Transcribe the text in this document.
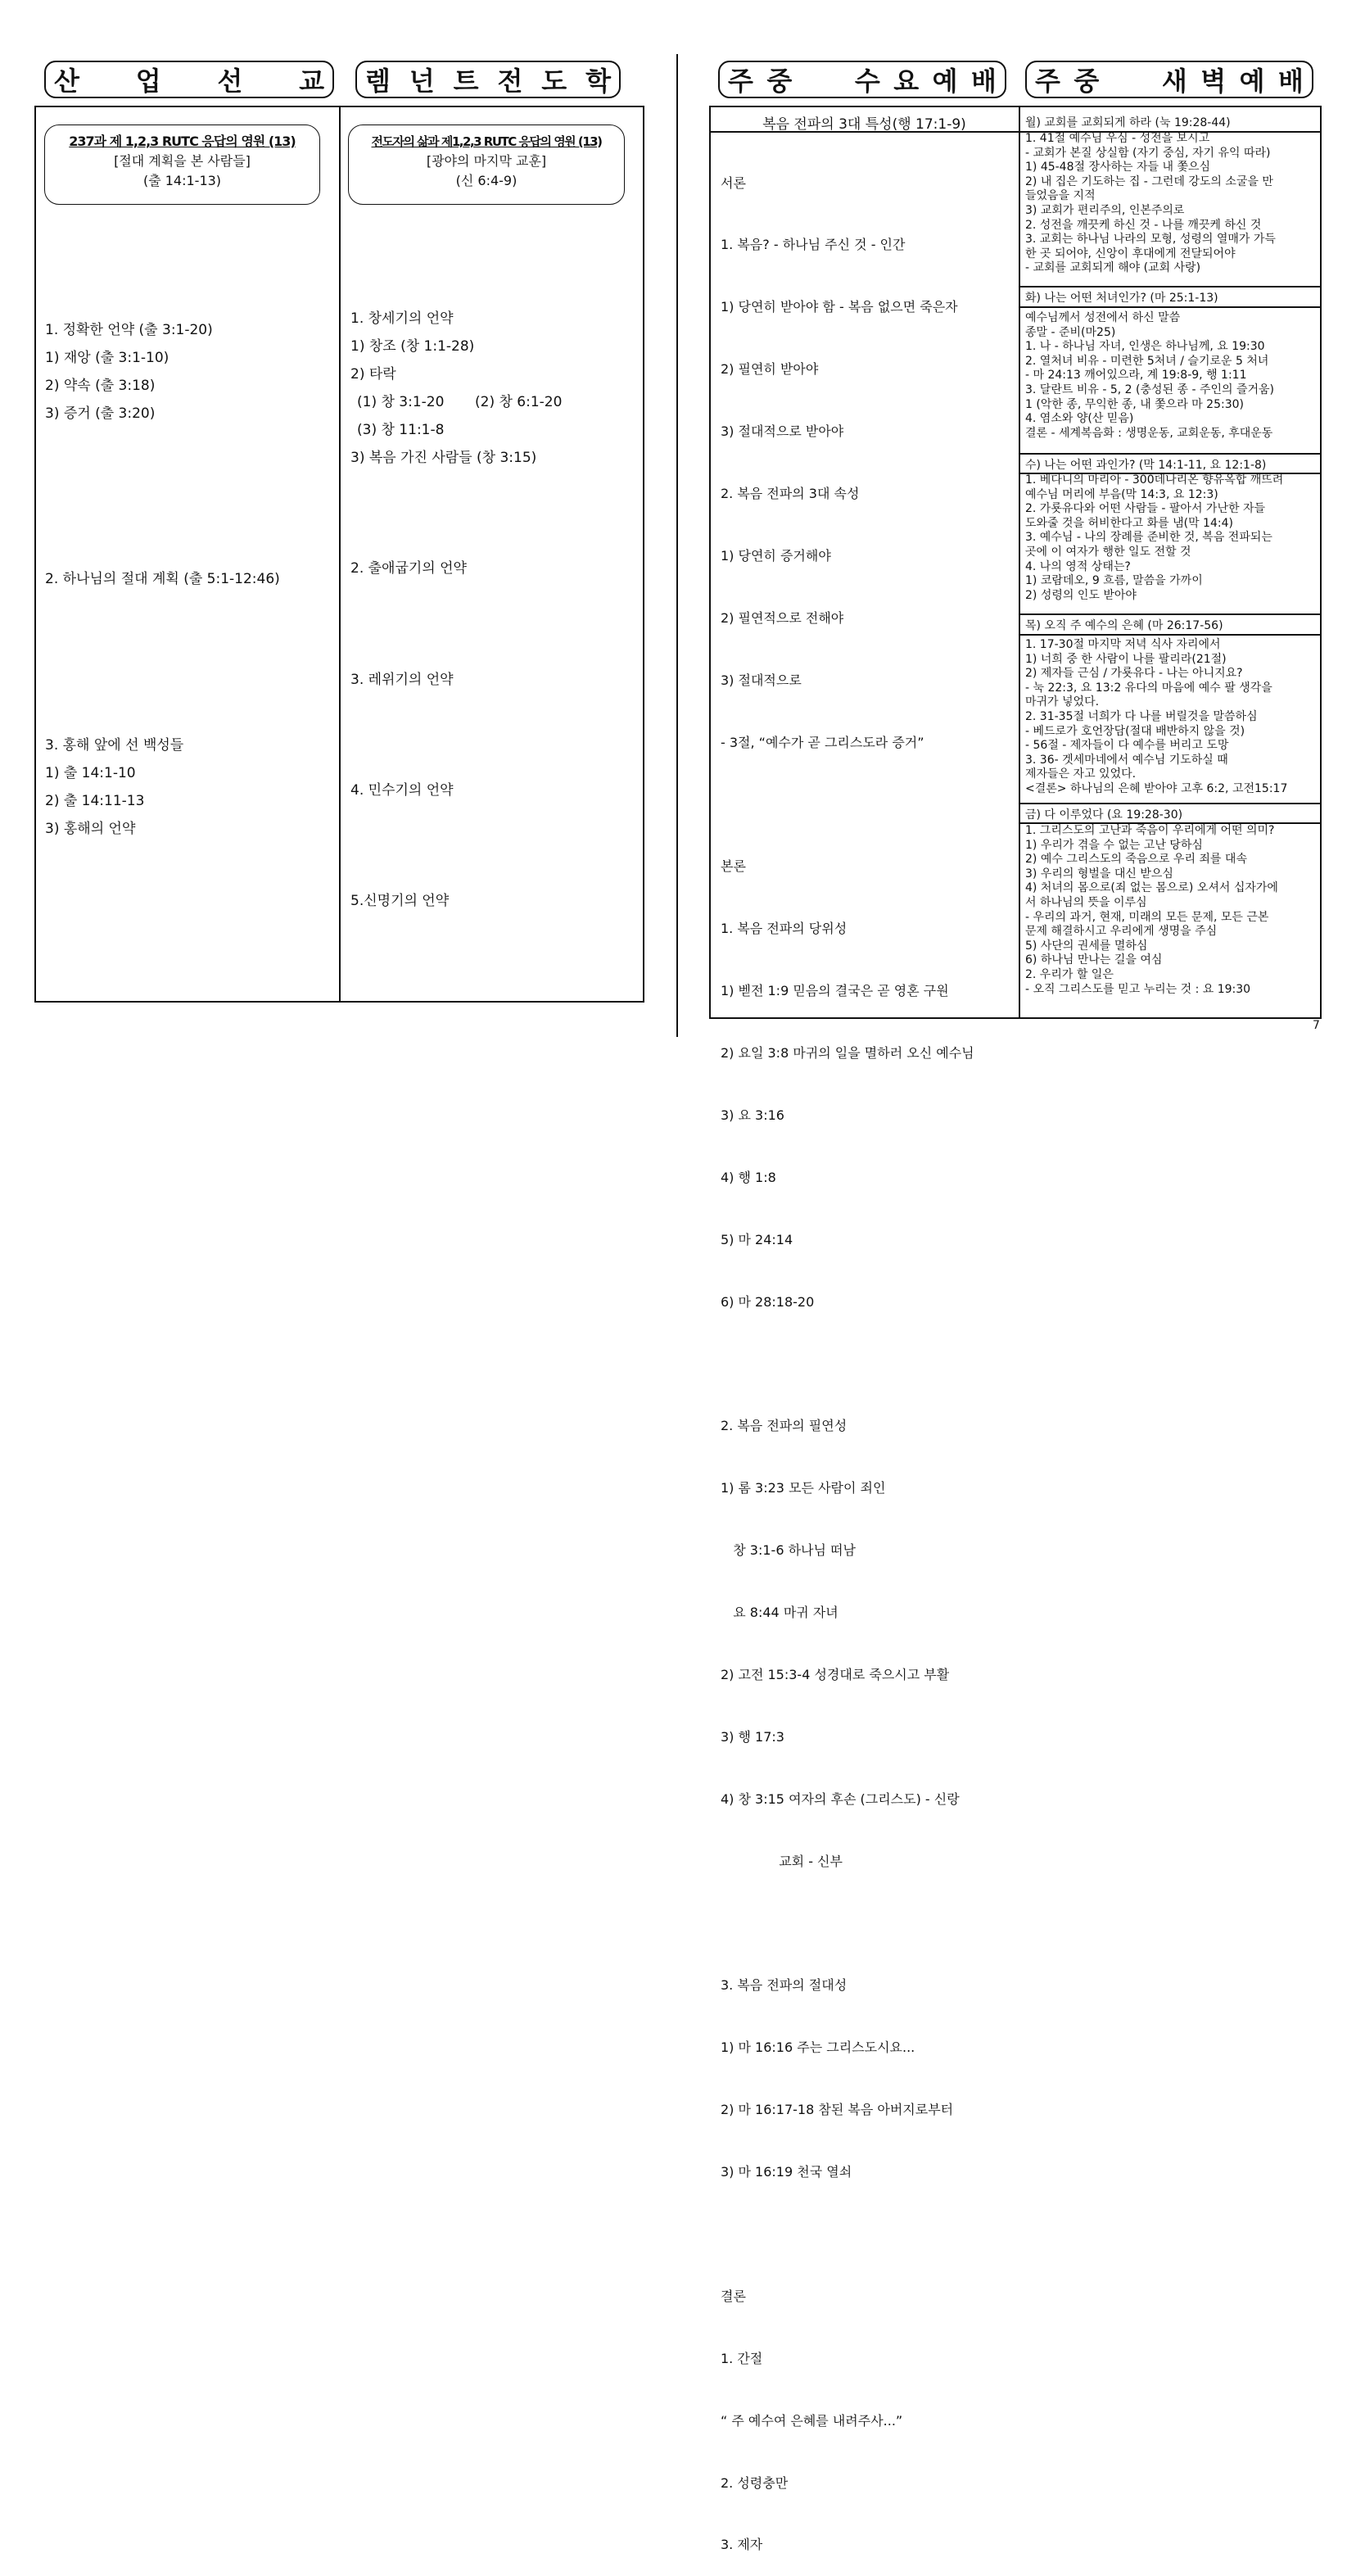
산 업 선 교 렘 넌 트 전 도 학	주 중 수 요 예 배 주 중 새 벽 예 배
237과 제 1,2,3 RUTC 응답의 영원 (13)
[절대 계획을 본 사람들]
(출 14:1-13)
1. 정확한 언약 (출 3:1-20)
1) 재앙 (출 3:1-10)
2) 약속 (출 3:18)
3) 증거 (출 3:20)
2. 하나님의 절대 계획 (출 5:1-12:46)
3. 홍해 앞에 선 백성들
1) 출 14:1-10
2) 출 14:11-13
3) 홍해의 언약
전도자의 삶과 제1,2,3 RUTC 응답의 영원 (13)
[광야의 마지막 교훈]
(신 6:4-9)
1. 창세기의 언약
1) 창조 (창 1:1-28)
2) 타락
(1) 창 3:1-20 (2) 창 6:1-20
(3) 창 11:1-8
3) 복음 가진 사람들 (창 3:15)
2. 출애굽기의 언약
3. 레위기의 언약
4. 민수기의 언약
5.신명기의 언약
복음 전파의 3대 특성(행 17:1-9)

서론

1. 복음? - 하나님 주신 것 - 인간

1) 당연히 받아야 함 - 복음 없으면 죽은자

2) 필연히 받아야

3) 절대적으로 받아야

2. 복음 전파의 3대 속성

1) 당연히 증거해야

2) 필연적으로 전해야

3) 절대적으로

- 3절, “예수가 곧 그리스도라 증거”

본론

1. 복음 전파의 당위성

1) 벧전 1:9 믿음의 결국은 곧 영혼 구원

2) 요일 3:8 마귀의 일을 멸하러 오신 예수님

3) 요 3:16

4) 행 1:8

5) 마 24:14

6) 마 28:18-20

2. 복음 전파의 필연성

1) 롬 3:23 모든 사람이 죄인

창 3:1-6 하나님 떠남

요 8:44 마귀 자녀

2) 고전 15:3-4 성경대로 죽으시고 부활

3) 행 17:3

4) 창 3:15 여자의 후손 (그리스도) - 신랑

교회 - 신부

3. 복음 전파의 절대성

1) 마 16:16 주는 그리스도시요...

2) 마 16:17-18 참된 복음 아버지로부터

3) 마 16:19 천국 열쇠

결론

1. 간절

“ 주 예수여 은혜를 내려주사...”

2. 성령충만

3. 제자

월) 교회를 교회되게 하라 (눅 19:28-44)
1. 41절 예수님 우심 - 성전을 보시고
- 교회가 본질 상실함 (자기 중심, 자기 유익 따라)
1) 45-48절 장사하는 자들 내 쫓으심
2) 내 집은 기도하는 집 - 그런데 강도의 소굴을 만
들었음을 지적
3) 교회가 편리주의, 인본주의로
2. 성전을 깨끗케 하신 것 - 나를 깨끗케 하신 것
3. 교회는 하나님 나라의 모형, 성령의 열매가 가득
한 곳 되어야, 신앙이 후대에게 전달되어야
- 교회를 교회되게 해야 (교회 사랑)
화) 나는 어떤 처녀인가? (마 25:1-13)
예수님께서 성전에서 하신 말씀
종말 - 준비(마25)
1. 나 - 하나님 자녀, 인생은 하나님께, 요 19:30
2. 열처녀 비유 - 미련한 5처녀 / 슬기로운 5 처녀
- 마 24:13 깨어있으라, 계 19:8-9, 행 1:11
3. 달란트 비유 - 5, 2 (충성된 종 - 주인의 즐거움)
1 (악한 종, 무익한 종, 내 쫓으라 마 25:30)
4. 염소와 양(산 믿음)
결론 - 세계복음화 : 생명운동, 교회운동, 후대운동
수) 나는 어떤 과인가? (막 14:1-11, 요 12:1-8)
1. 베다니의 마리아 - 300데나리온 향유옥합 깨뜨려
예수님 머리에 부음(막 14:3, 요 12:3)
2. 가룟유다와 어떤 사람들 - 팔아서 가난한 자들
도와줄 것을 허비한다고 화를 냄(막 14:4)
3. 예수님 - 나의 장례를 준비한 것, 복음 전파되는
곳에 이 여자가 행한 일도 전할 것
4. 나의 영적 상태는?
1) 코람데오, 9 흐름, 말씀을 가까이
2) 성령의 인도 받아야
목) 오직 주 예수의 은혜 (마 26:17-56)
1. 17-30절 마지막 저녁 식사 자리에서
1) 너희 중 한 사람이 나를 팔리라(21절)
2) 제자들 근심 / 가룟유다 - 나는 아니지요?
- 눅 22:3, 요 13:2 유다의 마음에 예수 팔 생각을
마귀가 넣었다.
2. 31-35절 너희가 다 나를 버릴것을 말씀하심
- 베드로가 호언장담(절대 배반하지 않을 것)
- 56절 - 제자들이 다 예수를 버리고 도망
3. 36- 겟세마네에서 예수님 기도하실 때
제자들은 자고 있었다.
<결론> 하나님의 은혜 받아야 고후 6:2, 고전15:17
금) 다 이루었다 (요 19:28-30)
1. 그리스도의 고난과 죽음이 우리에게 어떤 의미?
1) 우리가 겪을 수 없는 고난 당하심
2) 예수 그리스도의 죽음으로 우리 죄를 대속
3) 우리의 형벌을 대신 받으심
4) 처녀의 몸으로(죄 없는 몸으로) 오셔서 십자가에
서 하나님의 뜻을 이루심
- 우리의 과거, 현재, 미래의 모든 문제, 모든 근본
문제 해결하시고 우리에게 생명을 주심
5) 사단의 권세를 멸하심
6) 하나님 만나는 길을 여심
2. 우리가 할 일은
- 오직 그리스도를 믿고 누리는 것 : 요 19:30
7
